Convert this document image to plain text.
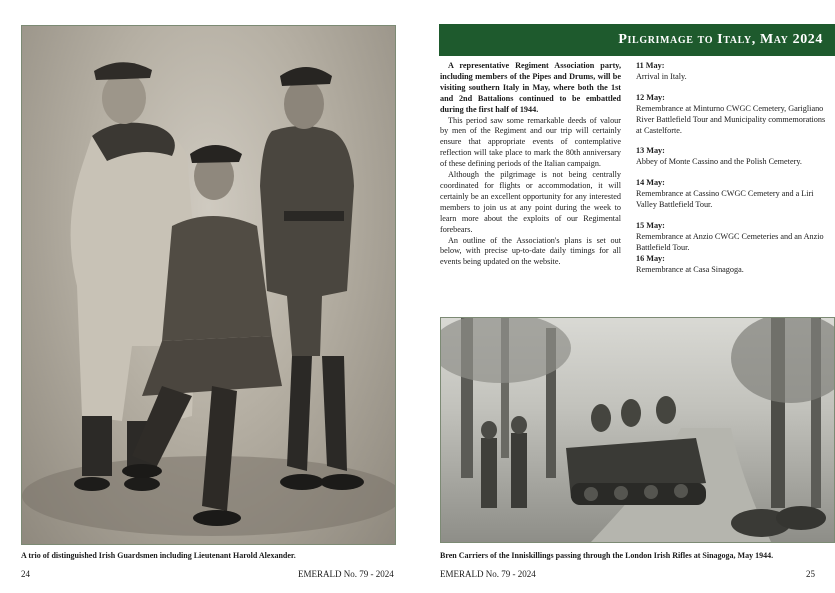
A trio of distinguished Irish Guardsmen including Lieutenant Harold Alexander.
24	EMERALD No. 79 - 2024
Pilgrimage to Italy, May 2024

A representative Regiment Association party, including members of the Pipes and Drums, will be visiting southern Italy in May, where both the 1st and 2nd Battalions continued to be embattled during the first half of 1944.

This period saw some remarkable deeds of valour by men of the Regiment and our trip will certainly ensure that appropriate events of contemplative reflection will take place to mark the 80th anniversary of these defining periods of the Italian campaign.

Although the pilgrimage is not being centrally coordinated for flights or accommodation, it will certainly be an excellent opportunity for any interested members to join us at any point during the week to learn more about the exploits of our Regimental forebears.

An outline of the Association's plans is set out below, with precise up-to-date daily timings for all events being updated on the website.

11 May:
Arrival in Italy.
12 May:
Remembrance at Minturno CWGC Cemetery, Garigliano River Battlefield Tour and Municipality commemorations at Castelforte.
13 May:
Abbey of Monte Cassino and the Polish Cemetery.
14 May:
Remembrance at Cassino CWGC Cemetery and a Liri Valley Battlefield Tour.
15 May:
Remembrance at Anzio CWGC Cemeteries and an Anzio Battlefield Tour.
16 May:
Remembrance at Casa Sinagoga.
Bren Carriers of the Inniskillings passing through the London Irish Rifles at Sinagoga, May 1944.
EMERALD No. 79 - 2024	25
